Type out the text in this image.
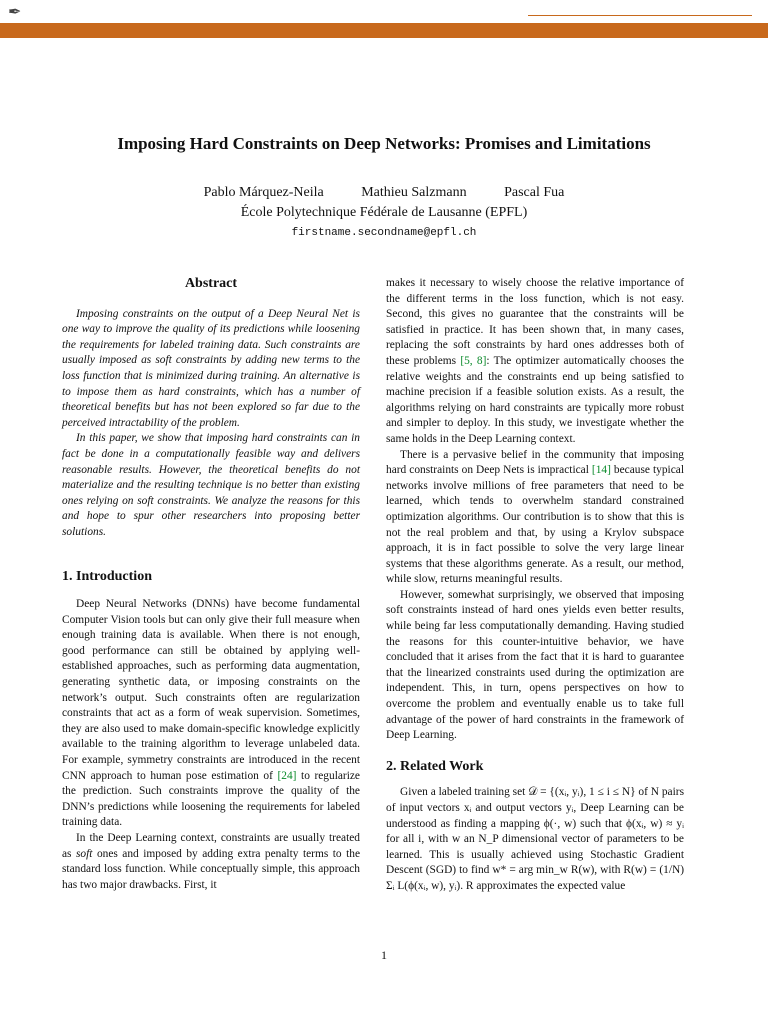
✒
Imposing Hard Constraints on Deep Networks: Promises and Limitations
Pablo Márquez-Neila	Mathieu Salzmann	Pascal Fua
École Polytechnique Fédérale de Lausanne (EPFL)
firstname.secondname@epfl.ch
Abstract

Imposing constraints on the output of a Deep Neural Net is one way to improve the quality of its predictions while loosening the requirements for labeled training data. Such constraints are usually imposed as soft constraints by adding new terms to the loss function that is minimized during training. An alternative is to impose them as hard constraints, which has a number of theoretical benefits but has not been explored so far due to the perceived intractability of the problem.

In this paper, we show that imposing hard constraints can in fact be done in a computationally feasible way and delivers reasonable results. However, the theoretical benefits do not materialize and the resulting technique is no better than existing ones relying on soft constraints. We analyze the reasons for this and hope to spur other researchers into proposing better solutions.

1. Introduction

Deep Neural Networks (DNNs) have become fundamental Computer Vision tools but can only give their full measure when enough training data is available. When there is not enough, good performance can still be obtained by applying well-established approaches, such as performing data augmentation, generating synthetic data, or imposing constraints on the network’s output. Such constraints often are regularization constraints that act as a form of weak supervision. Sometimes, they are also used to make domain-specific knowledge explicitly available to the training algorithm to leverage unlabeled data. For example, symmetry constraints are introduced in the recent CNN approach to human pose estimation of [24] to regularize the prediction. Such constraints improve the quality of the DNN’s predictions while loosening the requirements for labeled training data.

In the Deep Learning context, constraints are usually treated as soft ones and imposed by adding extra penalty terms to the standard loss function. While conceptually simple, this approach has two major drawbacks. First, it

makes it necessary to wisely choose the relative importance of the different terms in the loss function, which is not easy. Second, this gives no guarantee that the constraints will be satisfied in practice. It has been shown that, in many cases, replacing the soft constraints by hard ones addresses both of these problems [5, 8]: The optimizer automatically chooses the relative weights and the constraints end up being satisfied to machine precision if a feasible solution exists. As a result, the algorithms relying on hard constraints are typically more robust and simpler to deploy. In this study, we investigate whether the same holds in the Deep Learning context.

There is a pervasive belief in the community that imposing hard constraints on Deep Nets is impractical [14] because typical networks involve millions of free parameters that need to be learned, which tends to overwhelm standard constrained optimization algorithms. Our contribution is to show that this is not the real problem and that, by using a Krylov subspace approach, it is in fact possible to solve the very large linear systems that these algorithms generate. As a result, our method, while slow, returns meaningful results.

However, somewhat surprisingly, we observed that imposing soft constraints instead of hard ones yields even better results, while being far less computationally demanding. Having studied the reasons for this counter-intuitive behavior, we have concluded that it arises from the fact that it is hard to guarantee that the linearized constraints used during the optimization are independent. This, in turn, opens perspectives on how to overcome the problem and eventually enable us to take full advantage of the power of hard constraints in the framework of Deep Learning.

2. Related Work

Given a labeled training set 𝒟 = {(xᵢ, yᵢ), 1 ≤ i ≤ N} of N pairs of input vectors xᵢ and output vectors yᵢ, Deep Learning can be understood as finding a mapping ϕ(·, w) such that ϕ(xᵢ, w) ≈ yᵢ for all i, with w an N_P dimensional vector of parameters to be learned. This is usually achieved using Stochastic Gradient Descent (SGD) to find w* = arg min_w R(w), with R(w) = (1/N) Σᵢ L(ϕ(xᵢ, w), yᵢ). R approximates the expected value

1
